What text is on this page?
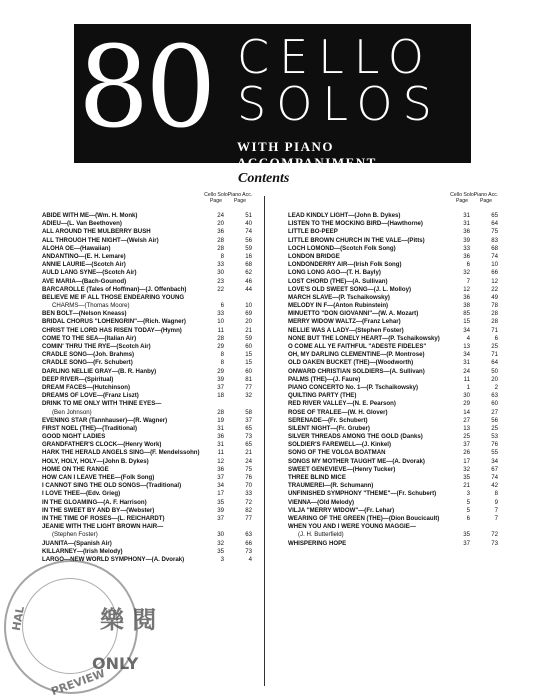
80 CELLO
SOLOS
WITH PIANO ACCOMPANIMENT
Contents
Cello Solo Page
Piano Acc. Page
ABIDE WITH ME—(Wm. H. Monk)	24	51
ADIEU—(L. Van Beethoven)	20	40
ALL AROUND THE MULBERRY BUSH	36	74
ALL THROUGH THE NIGHT—(Welsh Air)	28	56
ALOHA OE—(Hawaiian)	28	59
ANDANTINO—(E. H. Lemare)	8	16
ANNIE LAURIE—(Scotch Air)	33	68
AULD LANG SYNE—(Scotch Air)	30	62
AVE MARIA—(Bach-Gounod)	23	46
BARCAROLLE (Tales of Hoffman)—(J. Offenbach)	22	44
BELIEVE ME IF ALL THOSE ENDEARING YOUNG
CHARMS—(Thomas Moore)	6	10
BEN BOLT—(Nelson Kneass)	33	69
BRIDAL CHORUS "LOHENGRIN"—(Rich. Wagner)	10	20
CHRIST THE LORD HAS RISEN TODAY—(Hymn)	11	21
COME TO THE SEA—(Italian Air)	28	59
COMIN' THRU THE RYE—(Scotch Air)	29	60
CRADLE SONG—(Joh. Brahms)	8	15
CRADLE SONG—(Fr. Schubert)	8	15
DARLING NELLIE GRAY—(B. R. Hanby)	29	60
DEEP RIVER—(Spiritual)	39	81
DREAM FACES—(Hutchinson)	37	77
DREAMS OF LOVE—(Franz Liszt)	18	32
DRINK TO ME ONLY WITH THINE EYES—
(Ben Johnson)	28	58
EVENING STAR (Tannhauser)—(R. Wagner)	19	37
FIRST NOEL (THE)—(Traditional)	31	65
GOOD NIGHT LADIES	36	73
GRANDFATHER'S CLOCK—(Henry Work)	31	65
HARK THE HERALD ANGELS SING—(F. Mendelssohn)	11	21
HOLY, HOLY, HOLY—(John B. Dykes)	12	24
HOME ON THE RANGE	36	75
HOW CAN I LEAVE THEE—(Folk Song)	37	76
I CANNOT SING THE OLD SONGS—(Traditional)	34	70
I LOVE THEE—(Edv. Grieg)	17	33
IN THE GLOAMING—(A. F. Harrison)	35	72
IN THE SWEET BY AND BY—(Webster)	39	82
IN THE TIME OF ROSES—(L. REICHARDT)	37	77
JEANIE WITH THE LIGHT BROWN HAIR—
(Stephen Foster)	30	63
JUANITA—(Spanish Air)	32	66
KILLARNEY—(Irish Melody)	35	73
LARGO—NEW WORLD SYMPHONY—(A. Dvorak)	3	4
Cello Solo Page
Piano Acc. Page
LEAD KINDLY LIGHT—(John B. Dykes)	31	65
LISTEN TO THE MOCKING BIRD—(Hawthorne)	31	64
LITTLE BO-PEEP	36	75
LITTLE BROWN CHURCH IN THE VALE—(Pitts)	39	83
LOCH LOMOND—(Scotch Folk Song)	33	68
LONDON BRIDGE	36	74
LONDONDERRY AIR—(Irish Folk Song)	6	10
LONG LONG AGO—(T. H. Bayly)	32	66
LOST CHORD (THE)—(A. Sullivan)	7	12
LOVE'S OLD SWEET SONG—(J. L. Molloy)	12	22
MARCH SLAVE—(P. Tschaikowsky)	36	49
MELODY IN F—(Anton Rubinstein)	38	78
MINUETTO "DON GIOVANNI"—(W. A. Mozart)	85	28
MERRY WIDOW WALTZ—(Franz Lehar)	15	28
NELLIE WAS A LADY—(Stephen Foster)	34	71
NONE BUT THE LONELY HEART—(P. Tschaikowsky)	4	6
O COME ALL YE FAITHFUL "ADESTE FIDELES"	13	25
OH, MY DARLING CLEMENTINE—(P. Montrose)	34	71
OLD OAKEN BUCKET (THE)—(Woodworth)	31	64
ONWARD CHRISTIAN SOLDIERS—(A. Sullivan)	24	50
PALMS (THE)—(J. Faure)	11	20
PIANO CONCERTO No. 1—(P. Tschaikowsky)	1	2
QUILTING PARTY (THE)	30	63
RED RIVER VALLEY—(N. E. Pearson)	29	60
ROSE OF TRALEE—(W. H. Glover)	14	27
SERENADE—(Fr. Schubert)	27	56
SILENT NIGHT—(Fr. Gruber)	13	25
SILVER THREADS AMONG THE GOLD (Danks)	25	53
SOLDIER'S FAREWELL—(J. Kinkel)	37	76
SONG OF THE VOLGA BOATMAN	26	55
SONGS MY MOTHER TAUGHT ME—(A. Dvorak)	17	34
SWEET GENEVIEVE—(Henry Tucker)	32	67
THREE BLIND MICE	35	74
TRAUMEREI—(R. Schumann)	21	42
UNFINISHED SYMPHONY "THEME"—(Fr. Schubert)	3	8
VIENNA—(Old Melody)	5	9
VILJA "MERRY WIDOW"—(Fr. Lehar)	5	7
WEARING OF THE GREEN (THE)—(Dion Boucicault)	6	7
WHEN YOU AND I WERE YOUNG MAGGIE—
(J. H. Butterfield)	35	72
WHISPERING HOPE	37	73
HAL
PREVIEW
樂 閱
ONLY
